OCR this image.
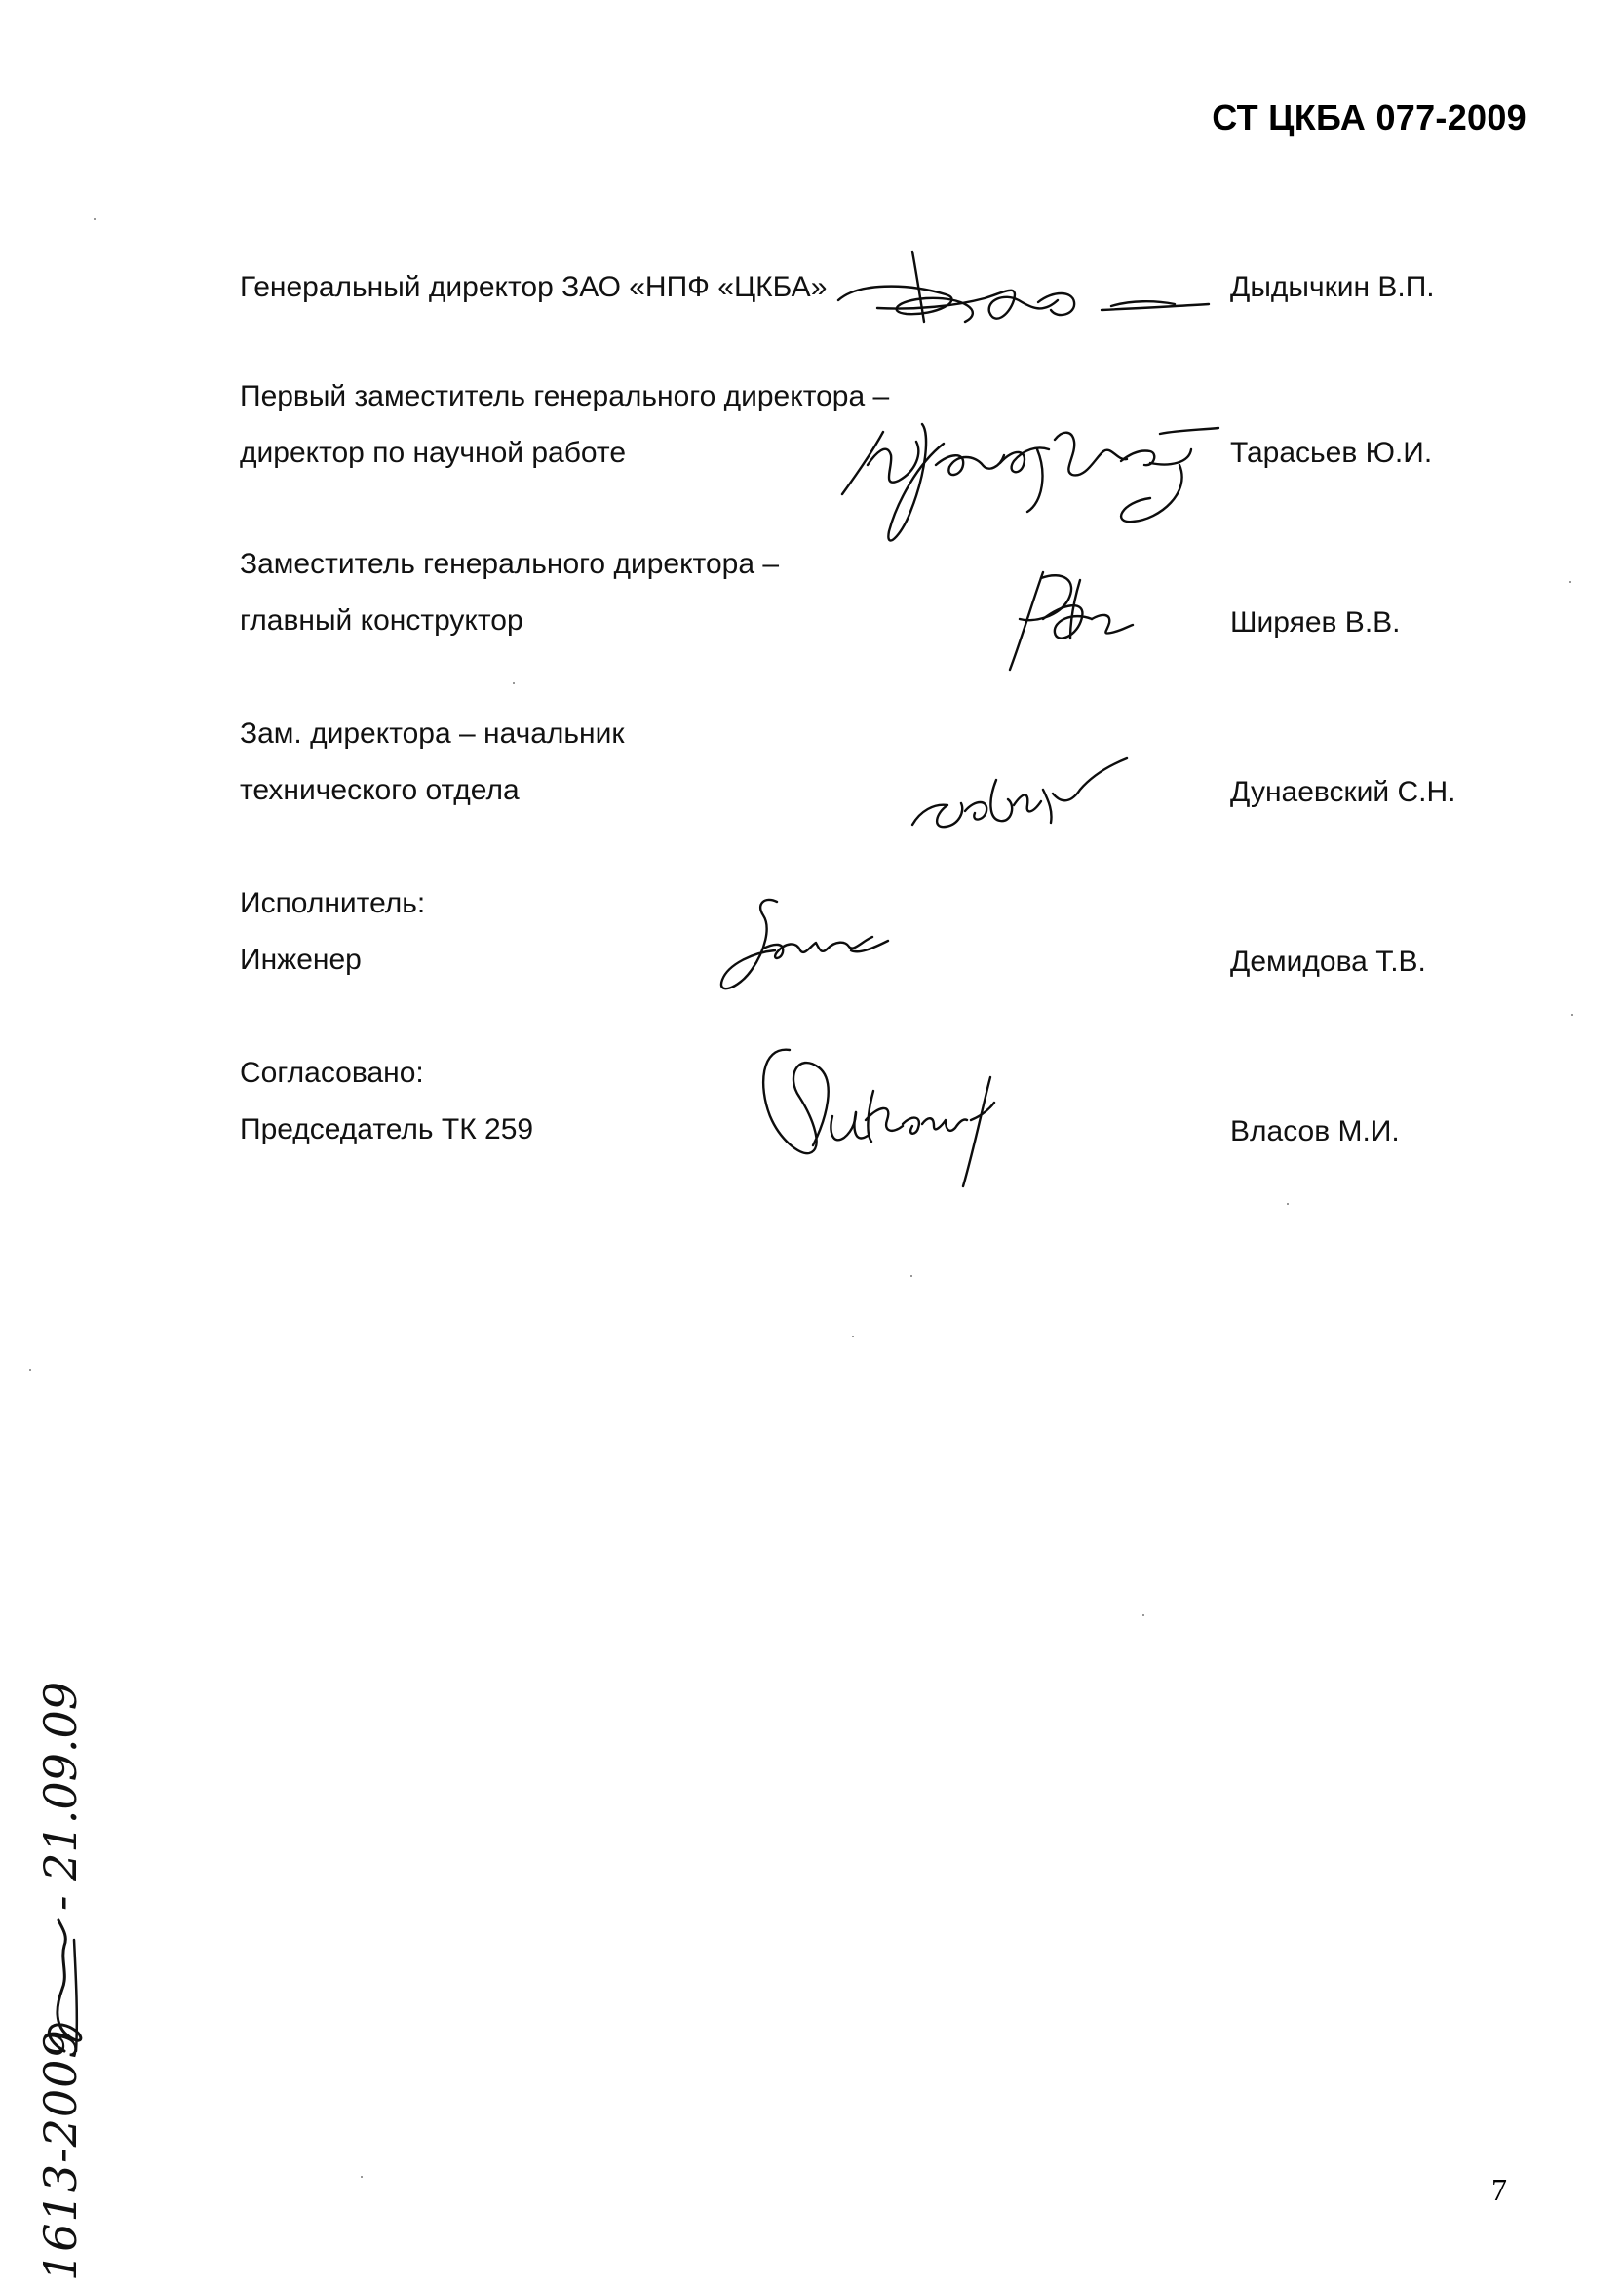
СТ ЦКБА 077-2009
Генеральный директор ЗАО «НПФ «ЦКБА»	Дыдычкин В.П.
Первый заместитель генерального директора –
директор по научной работе	Тарасьев Ю.И.
Заместитель генерального директора –
главный конструктор	Ширяев В.В.
Зам. директора – начальник
технического отдела	Дунаевский С.Н.
Исполнитель:
Инженер	Демидова Т.В.
Согласовано:
Председатель ТК 259	Власов М.И.
1613-2009
- 21.09.09
7
